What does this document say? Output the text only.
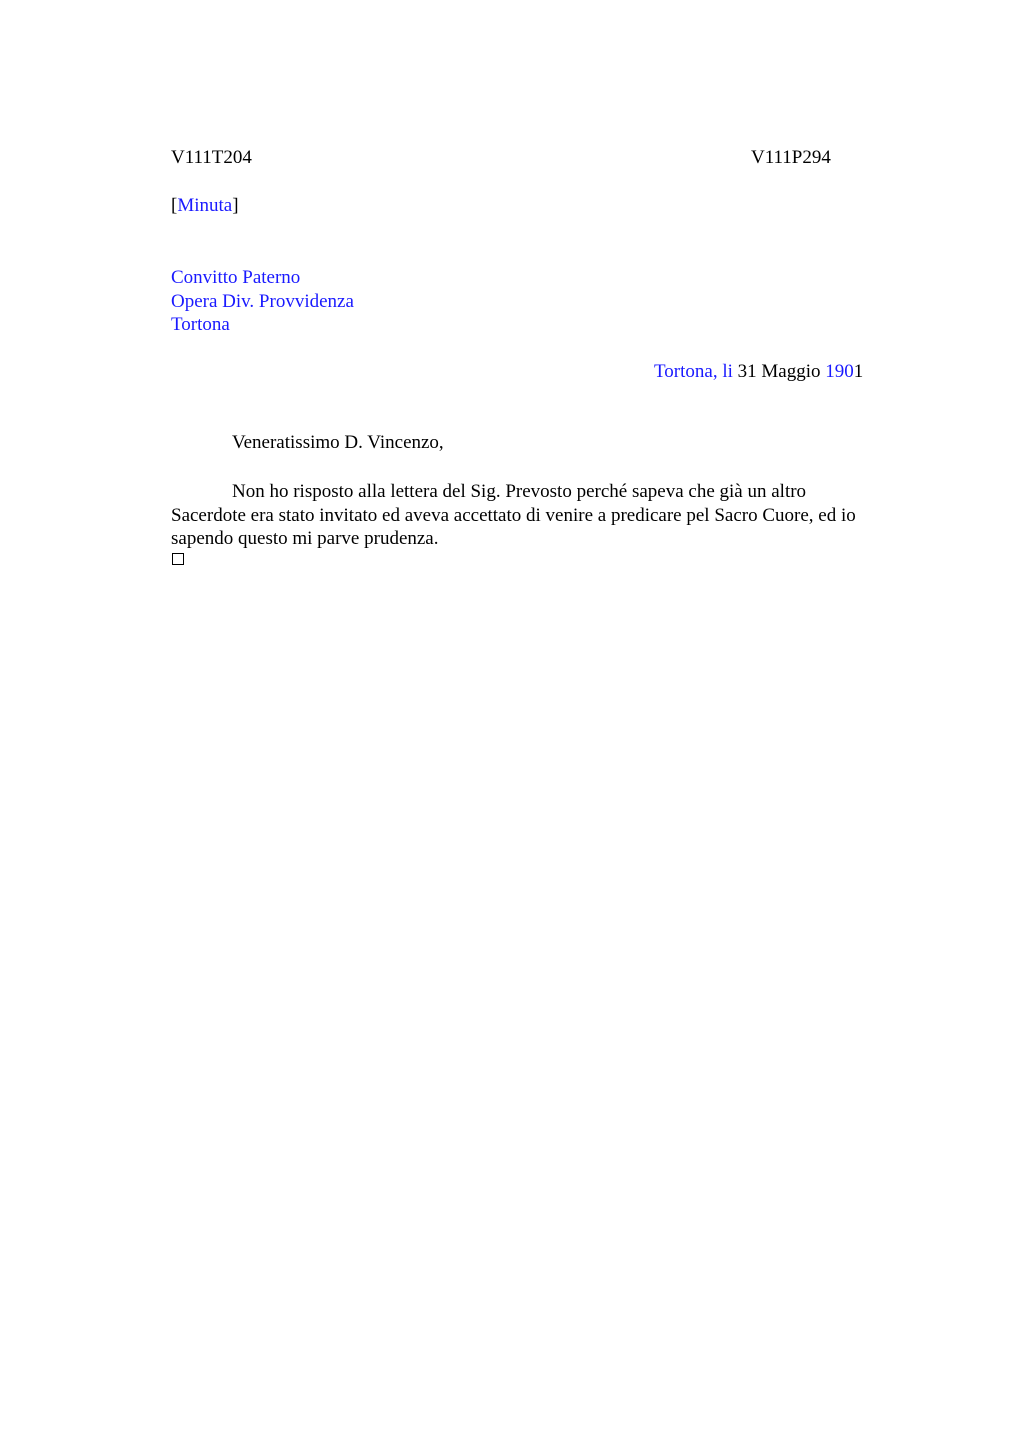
V111T204	V111P294
[Minuta]
Convitto Paterno
Opera Div. Provvidenza
Tortona
Tortona, li 31 Maggio 1901
Veneratissimo D. Vincenzo,
Non ho risposto alla lettera del Sig. Prevosto perché sapeva che già un altro
Sacerdote era stato invitato ed aveva accettato di venire a predicare pel Sacro Cuore, ed io
sapendo questo mi parve prudenza.
